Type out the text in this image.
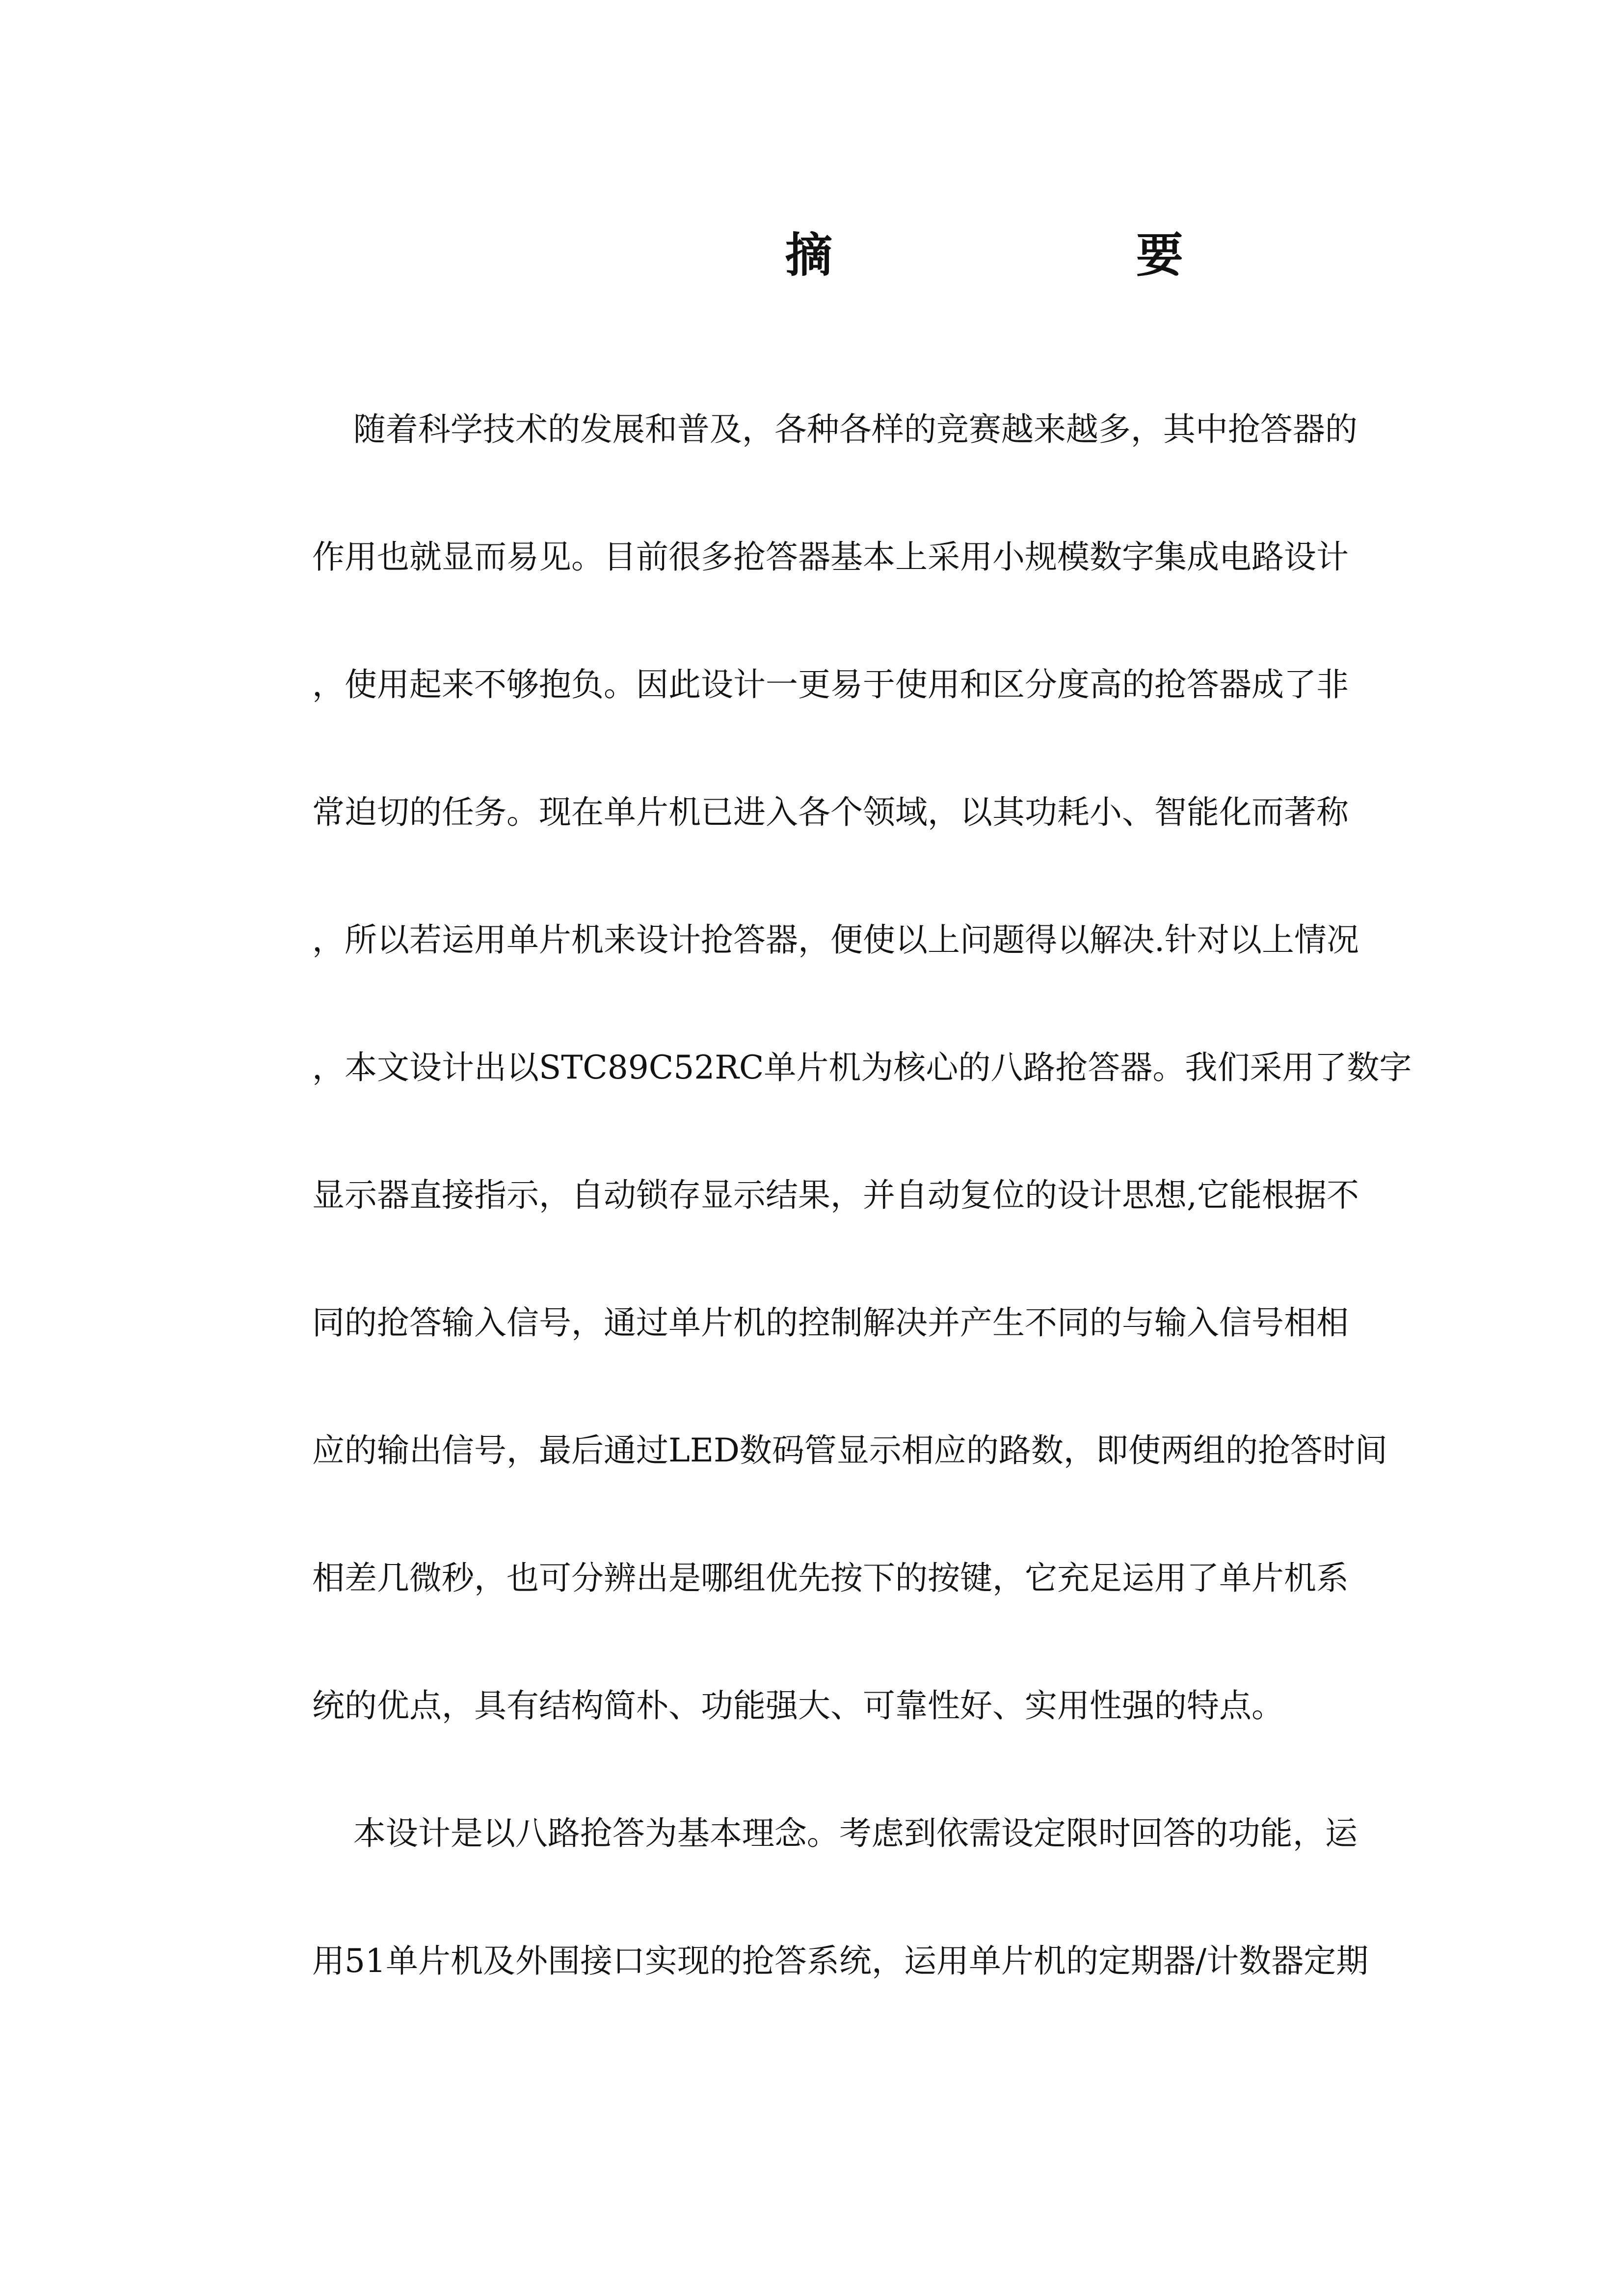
摘  要

随着科学技术的发展和普及，各种各样的竞赛越来越多，其中抢答器的

作用也就显而易见。目前很多抢答器基本上采用小规模数字集成电路设计

，使用起来不够抱负。因此设计一更易于使用和区分度高的抢答器成了非

常迫切的任务。现在单片机已进入各个领域，以其功耗小、智能化而著称

，所以若运用单片机来设计抢答器，便使以上问题得以解决.针对以上情况

，本文设计出以STC89C52RC单片机为核心的八路抢答器。我们采用了数字

显示器直接指示，自动锁存显示结果，并自动复位的设计思想,它能根据不

同的抢答输入信号，通过单片机的控制解决并产生不同的与输入信号相相

应的输出信号，最后通过LED数码管显示相应的路数，即使两组的抢答时间

相差几微秒，也可分辨出是哪组优先按下的按键，它充足运用了单片机系

统的优点，具有结构简朴、功能强大、可靠性好、实用性强的特点。

本设计是以八路抢答为基本理念。考虑到依需设定限时回答的功能，运

用51单片机及外围接口实现的抢答系统，运用单片机的定期器/计数器定期
